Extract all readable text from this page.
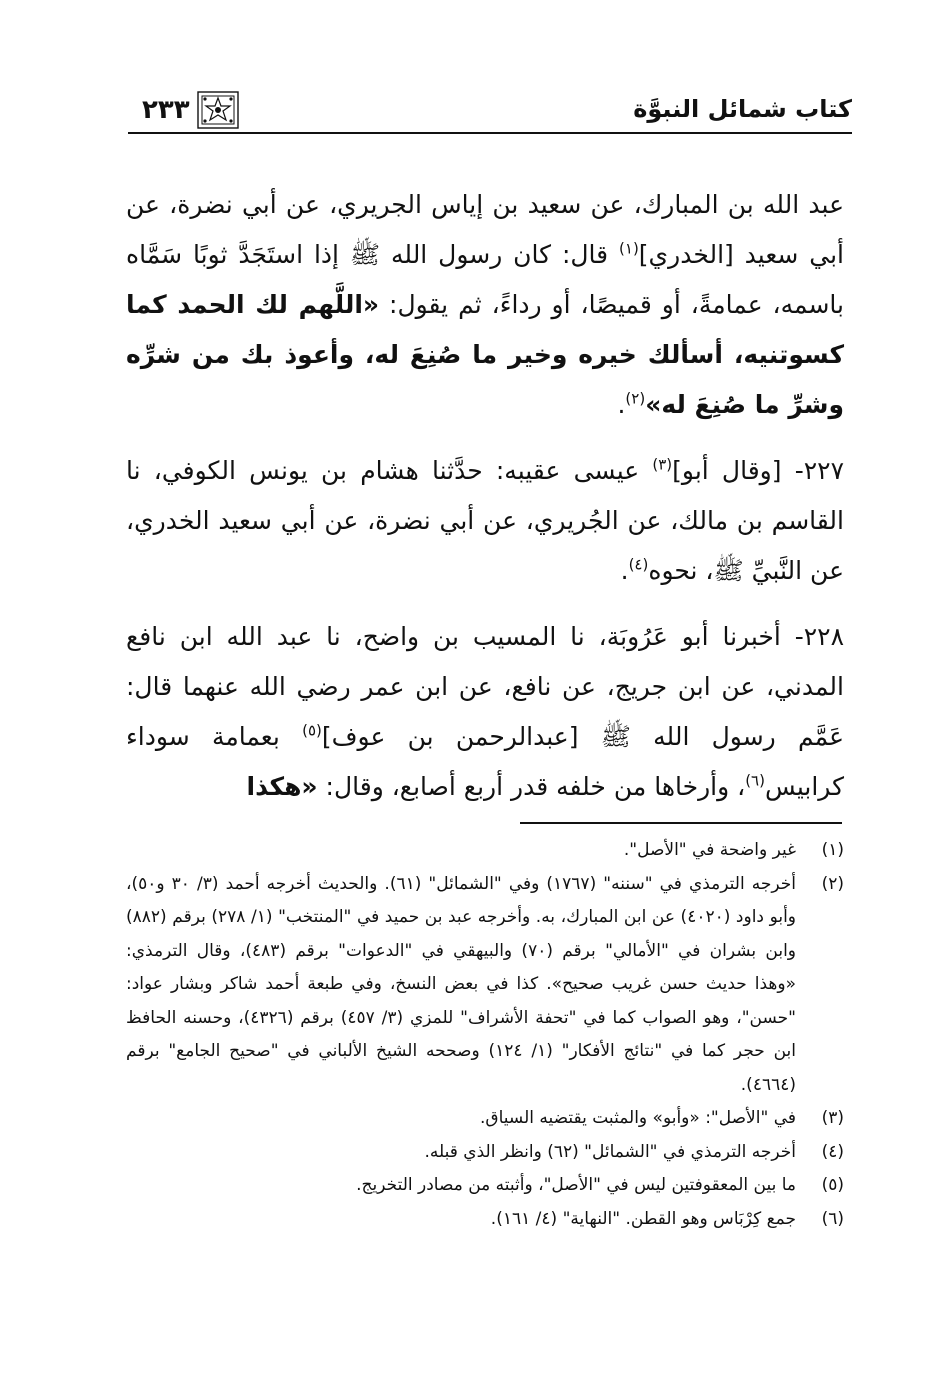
كتاب شمائل النبوَّة
٢٣٣

عبد الله بن المبارك، عن سعيد بن إياس الجريري، عن أبي نضرة، عن أبي سعيد [الخدري]$^{(١)}$ قال: كان رسول الله ﷺ إذا استَجَدَّ ثوبًا سَمَّاه باسمه، عمامةً، أو قميصًا، أو رداءً، ثم يقول: «اللَّهم لك الحمد كما كسوتنيه، أسألك خيره وخير ما صُنِعَ له، وأعوذ بك من شرِّه وشرِّ ما صُنِعَ له»$^{(٢)}$.

٢٢٧- [وقال أبو]$^{(٣)}$ عيسى عقيبه: حدَّثنا هشام بن يونس الكوفي، نا القاسم بن مالك، عن الجُريري، عن أبي نضرة، عن أبي سعيد الخدري، عن النَّبيِّ ﷺ، نحوه$^{(٤)}$.

٢٢٨- أخبرنا أبو عَرُوبَة، نا المسيب بن واضح، نا عبد الله ابن نافع المدني، عن ابن جريج، عن نافع، عن ابن عمر رضي الله عنهما قال: عَمَّم رسول الله ﷺ [عبدالرحمن بن عوف]$^{(٥)}$ بعمامة سوداء كرابيس$^{(٦)}$، وأرخاها من خلفه قدر أربع أصابع، وقال: «هكذا

(١)
غير واضحة في "الأصل".
(٢)
أخرجه الترمذي في "سننه" (١٧٦٧) وفي "الشمائل" (٦١). والحديث أخرجه أحمد (٣/ ٣٠ و٥٠)، وأبو داود (٤٠٢٠) عن ابن المبارك، به. وأخرجه عبد بن حميد في "المنتخب" (١/ ٢٧٨) برقم (٨٨٢) وابن بشران في "الأمالي" برقم (٧٠) والبيهقي في "الدعوات" برقم (٤٨٣)، وقال الترمذي: «وهذا حديث حسن غريب صحيح». كذا في بعض النسخ، وفي طبعة أحمد شاكر وبشار عواد: "حسن"، وهو الصواب كما في "تحفة الأشراف" للمزي (٣/ ٤٥٧) برقم (٤٣٢٦)، وحسنه الحافظ ابن حجر كما في "نتائج الأفكار" (١/ ١٢٤) وصححه الشيخ الألباني في "صحيح الجامع" برقم (٤٦٦٤).
(٣)
في "الأصل": «وأبو» والمثبت يقتضيه السياق.
(٤)
أخرجه الترمذي في "الشمائل" (٦٢) وانظر الذي قبله.
(٥)
ما بين المعقوفتين ليس في "الأصل"، وأثبته من مصادر التخريج.
(٦)
جمع كِرْبَاس وهو القطن. "النهاية" (٤/ ١٦١).
